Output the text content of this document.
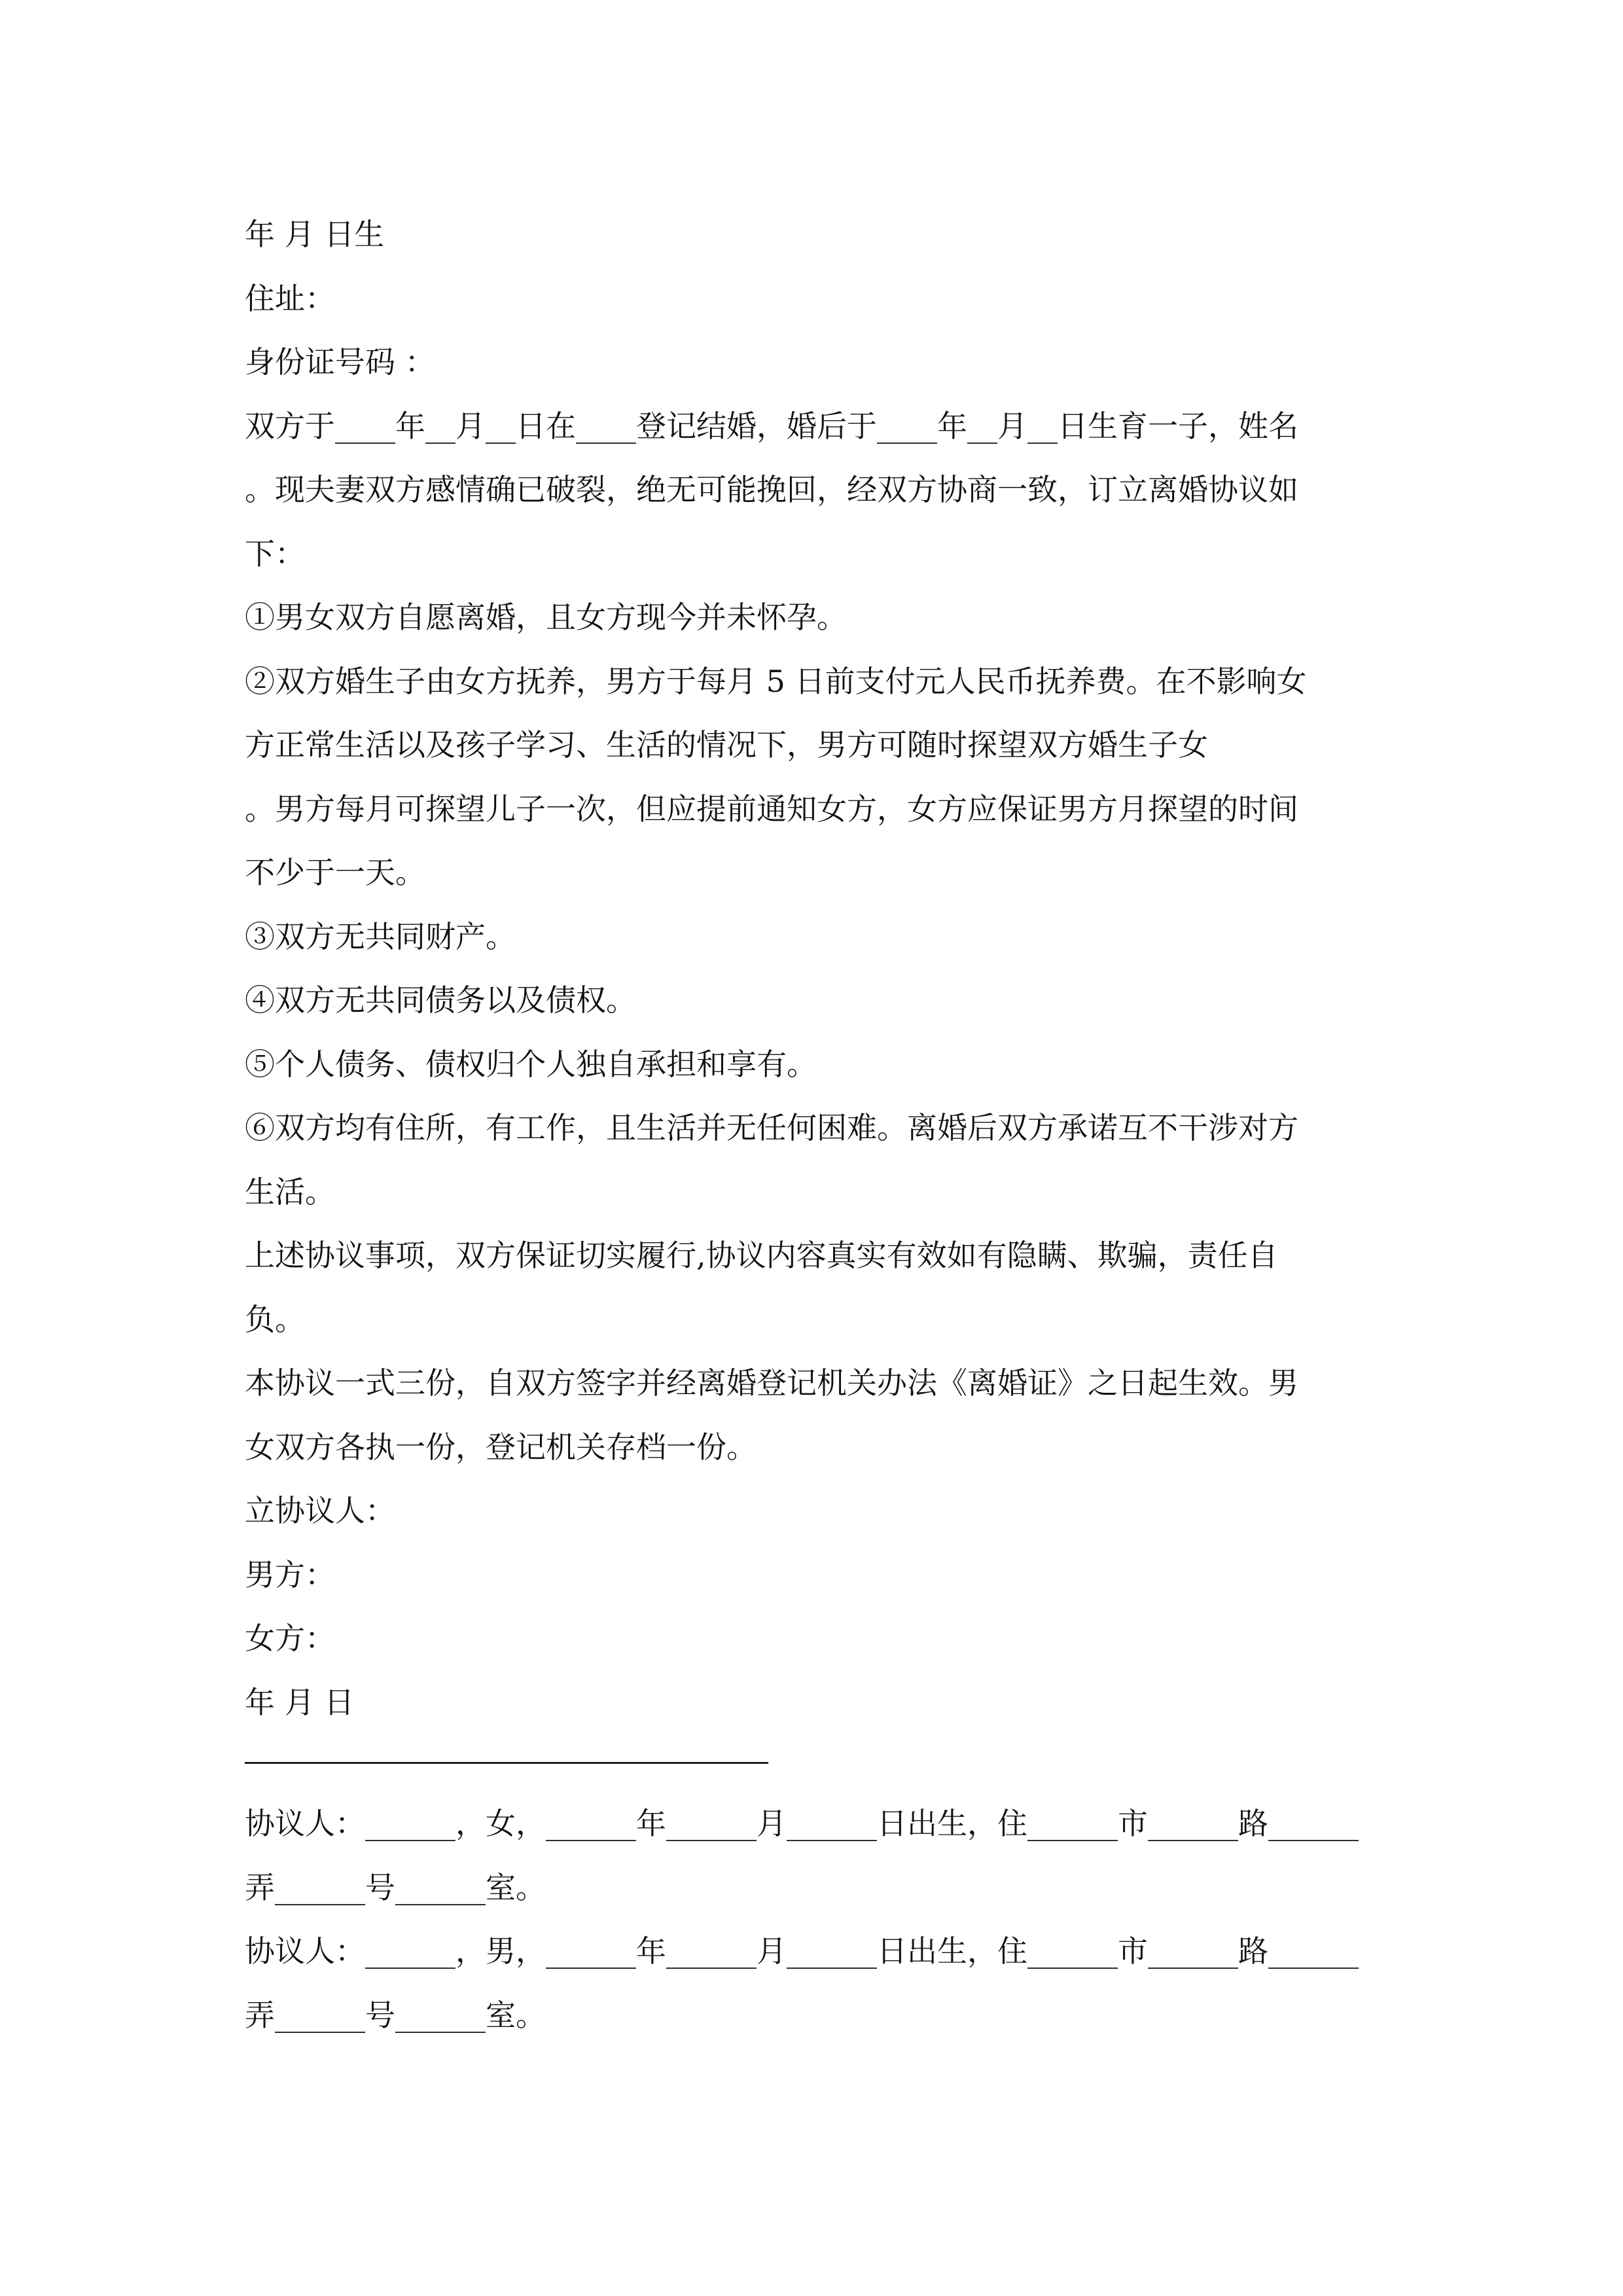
年 月 日生
住址：
身份证号码 ：
双方于____年__月__日在____登记结婚，婚后于____年__月__日生育一子，姓名
。现夫妻双方感情确已破裂，绝无可能挽回，经双方协商一致，订立离婚协议如
下：
①男女双方自愿离婚，且女方现今并未怀孕。
②双方婚生子由女方抚养，男方于每月 5 日前支付元人民币抚养费。在不影响女
方正常生活以及孩子学习、生活的情况下，男方可随时探望双方婚生子女
。男方每月可探望儿子一次，但应提前通知女方，女方应保证男方月探望的时间
不少于一天。
③双方无共同财产。
④双方无共同债务以及债权。
⑤个人债务、债权归个人独自承担和享有。
⑥双方均有住所，有工作，且生活并无任何困难。离婚后双方承诺互不干涉对方
生活。
上述协议事项，双方保证切实履行,协议内容真实有效如有隐瞒、欺骗，责任自
负。
本协议一式三份，自双方签字并经离婚登记机关办法《离婚证》之日起生效。男
女双方各执一份，登记机关存档一份。
立协议人：
男方：
女方：
年 月 日
协议人：______，女，______年______月______日出生，住______市______路______
弄______号______室。
协议人：______，男，______年______月______日出生，住______市______路______
弄______号______室。
